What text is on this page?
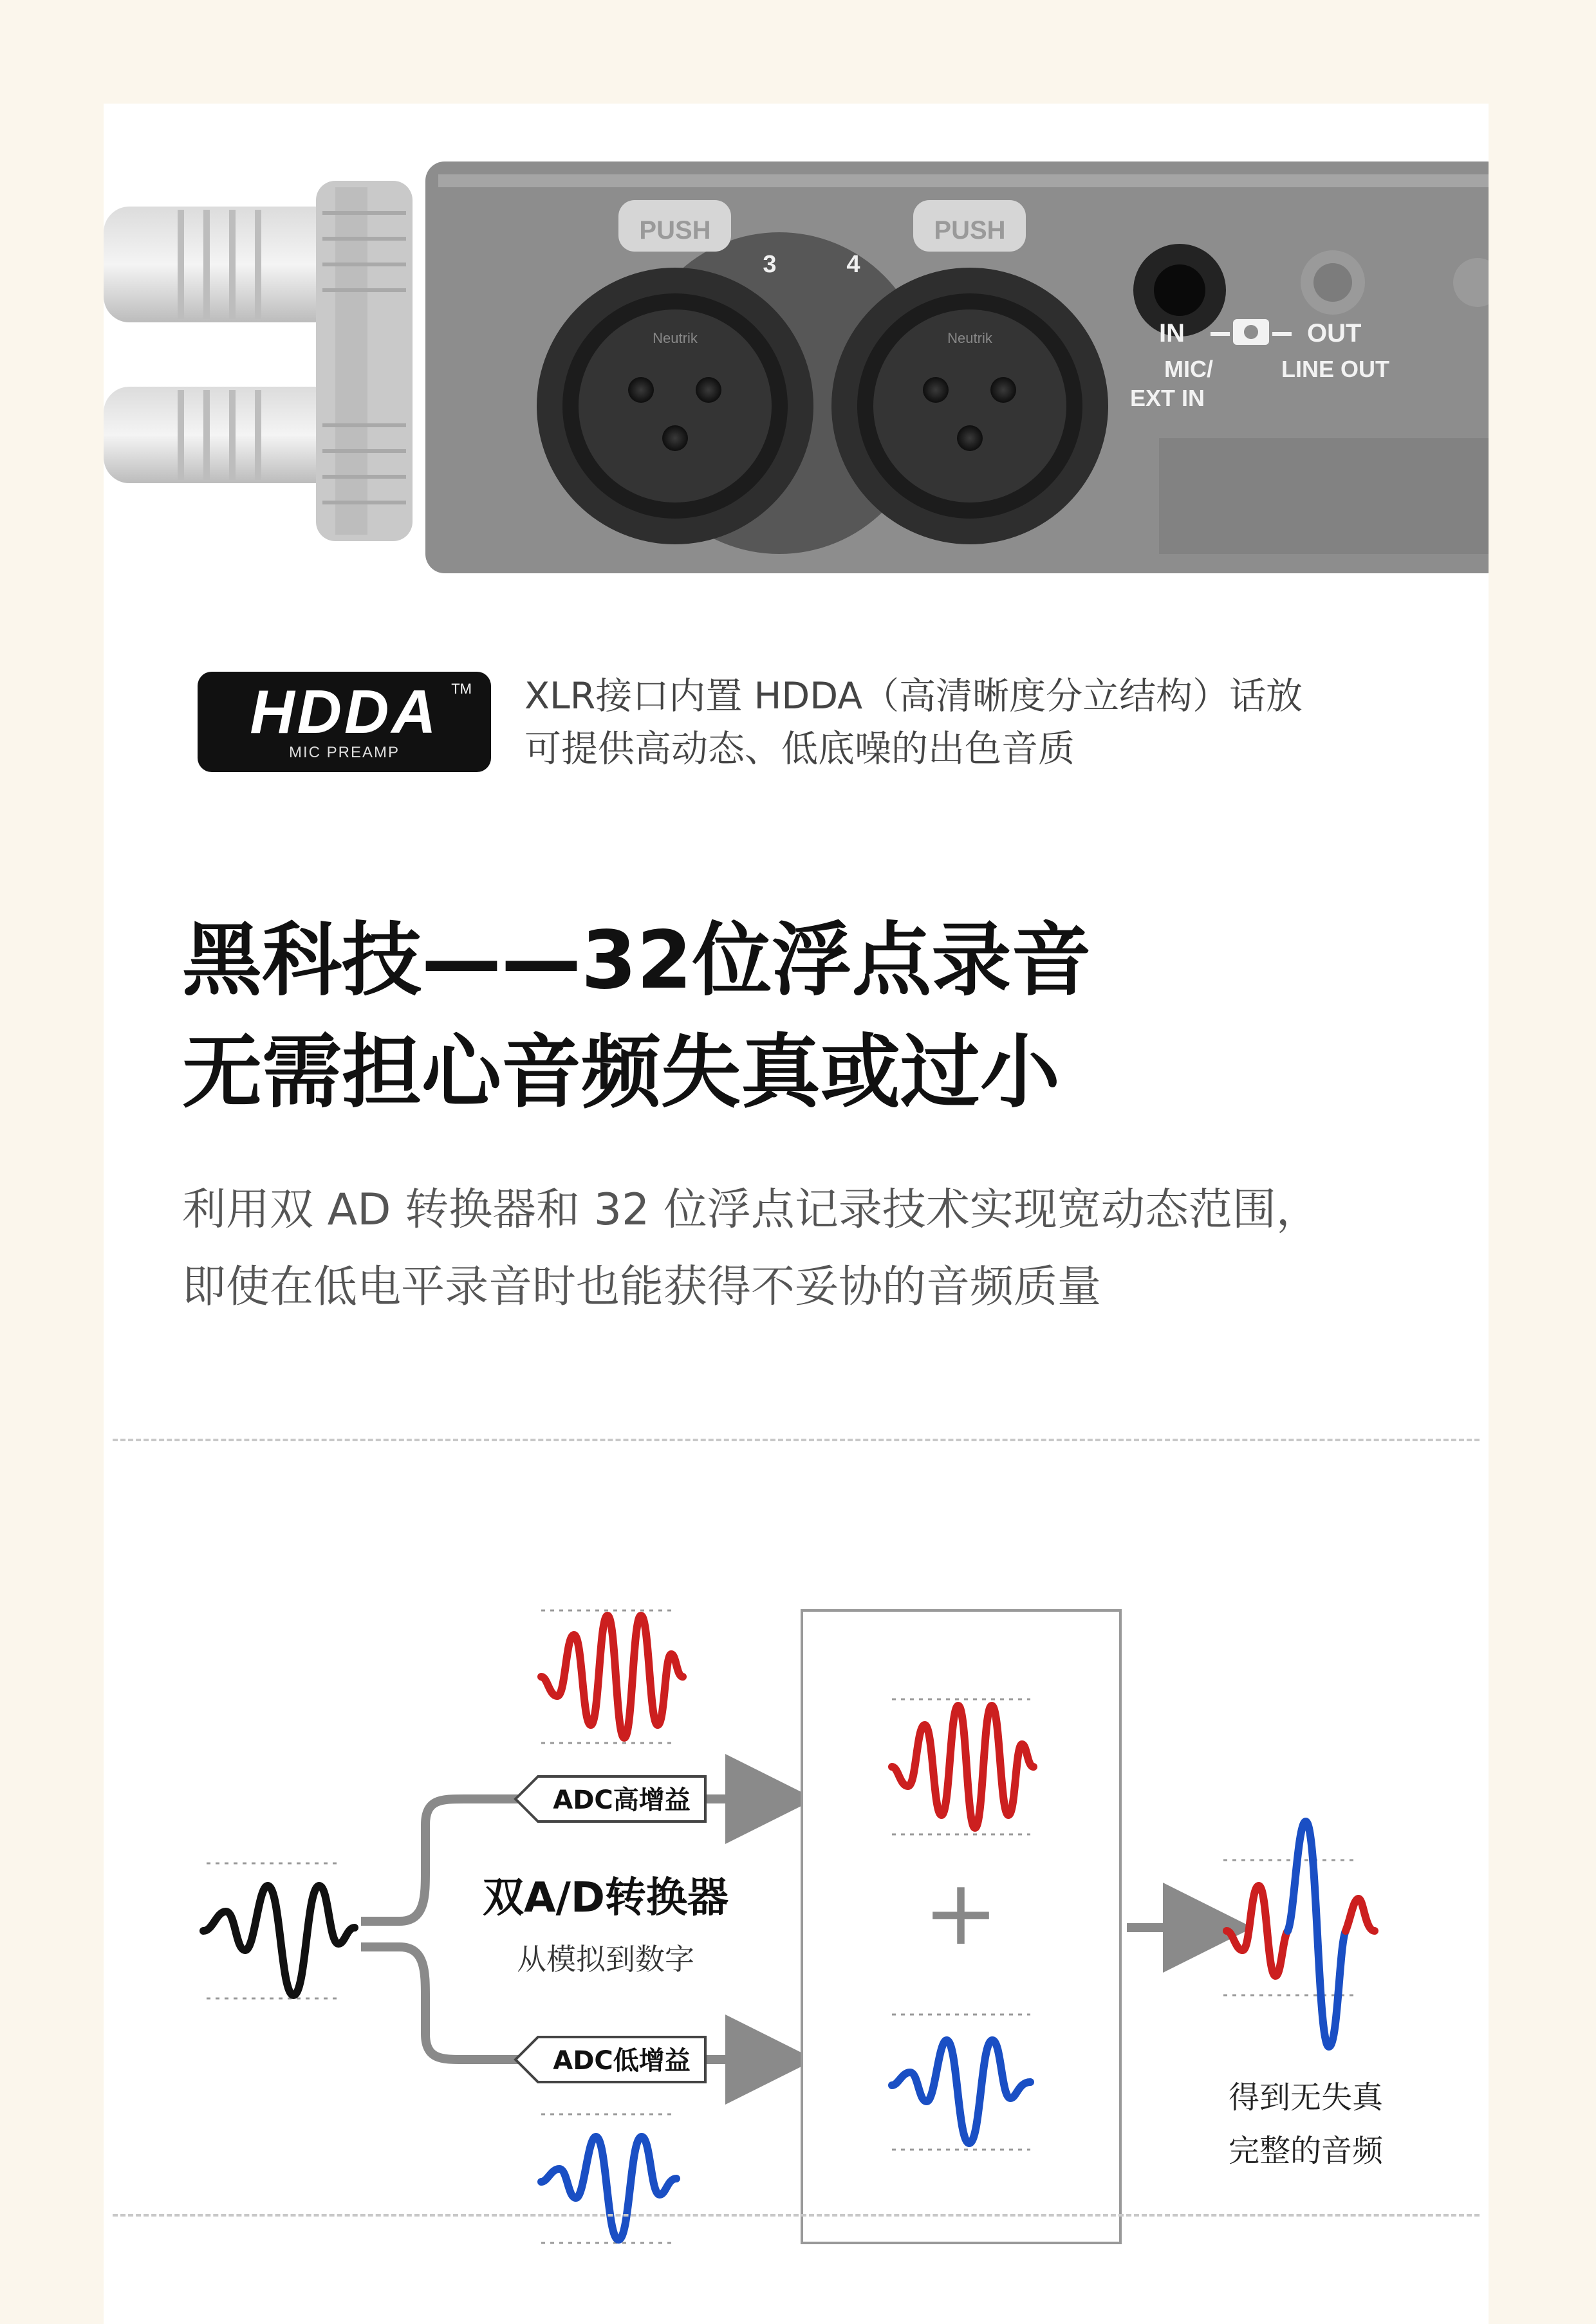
Neutrik
PUSH
3
Neutrik
PUSH
4
IN	OUT
MIC/
EXT IN
LINE OUT
HDDA TM
MIC PREAMP
XLR接口内置 HDDA（高清晰度分立结构）话放
可提供高动态、低底噪的出色音质
黑科技——32位浮点录音
无需担心音频失真或过小
利用双 AD 转换器和 32 位浮点记录技术实现宽动态范围，
即使在低电平录音时也能获得不妥协的音频质量
ADC高增益
ADC低增益
双A/D转换器
从模拟到数字	+
得到无失真
完整的音频
